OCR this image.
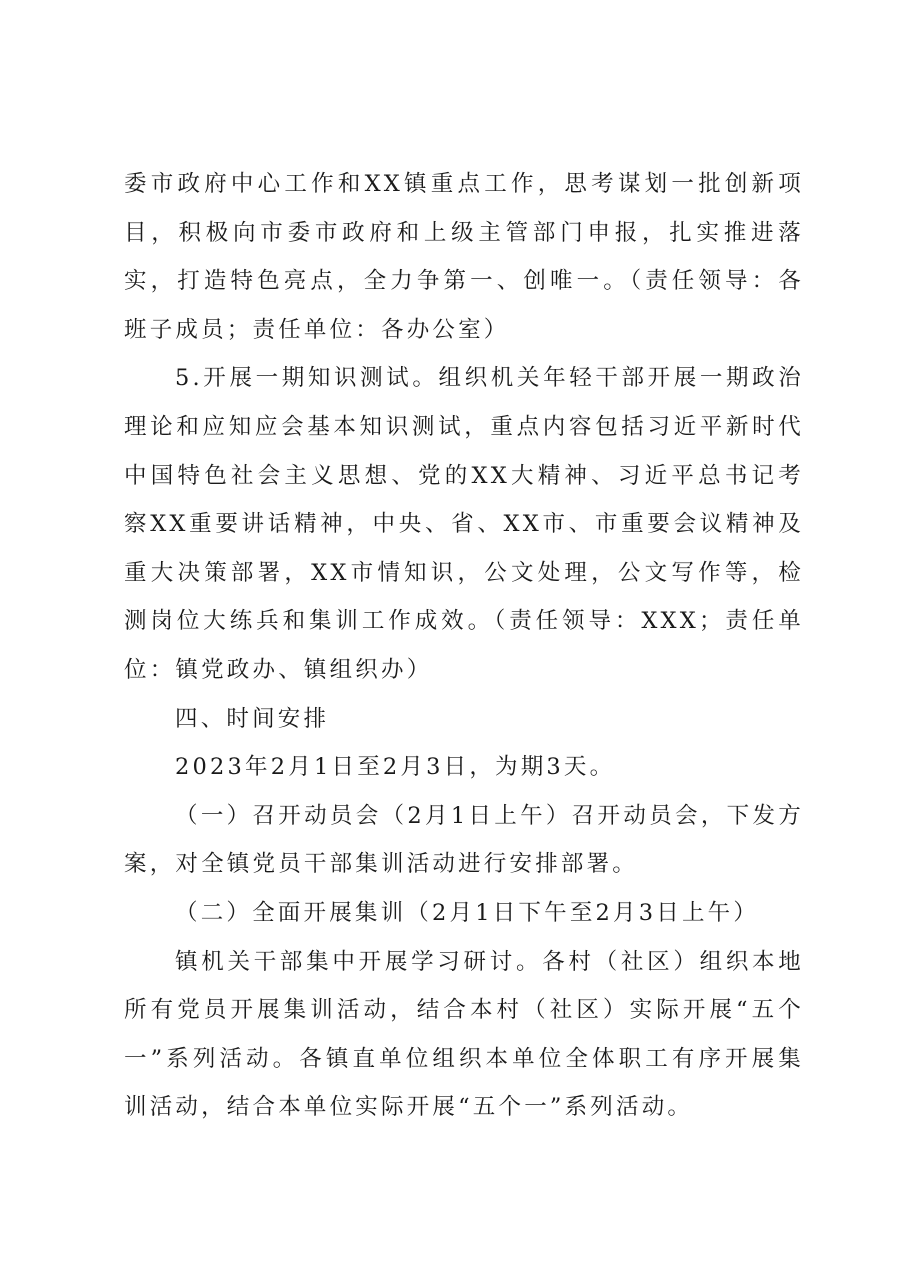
委市政府中心工作和XX镇重点工作，思考谋划一批创新项目，积极向市委市政府和上级主管部门申报，扎实推进落实，打造特色亮点，全力争第一、创唯一。（责任领导：各班子成员；责任单位：各办公室）

5.开展一期知识测试。组织机关年轻干部开展一期政治理论和应知应会基本知识测试，重点内容包括习近平新时代中国特色社会主义思想、党的XX大精神、习近平总书记考察XX重要讲话精神，中央、省、XX市、市重要会议精神及重大决策部署，XX市情知识，公文处理，公文写作等，检测岗位大练兵和集训工作成效。（责任领导：XXX；责任单位：镇党政办、镇组织办）

四、时间安排

2023年2月1日至2月3日，为期3天。

（一）召开动员会（2月1日上午）召开动员会，下发方案，对全镇党员干部集训活动进行安排部署。

（二）全面开展集训（2月1日下午至2月3日上午）

镇机关干部集中开展学习研讨。各村（社区）组织本地所有党员开展集训活动，结合本村（社区）实际开展“五个一”系列活动。各镇直单位组织本单位全体职工有序开展集训活动，结合本单位实际开展“五个一”系列活动。
